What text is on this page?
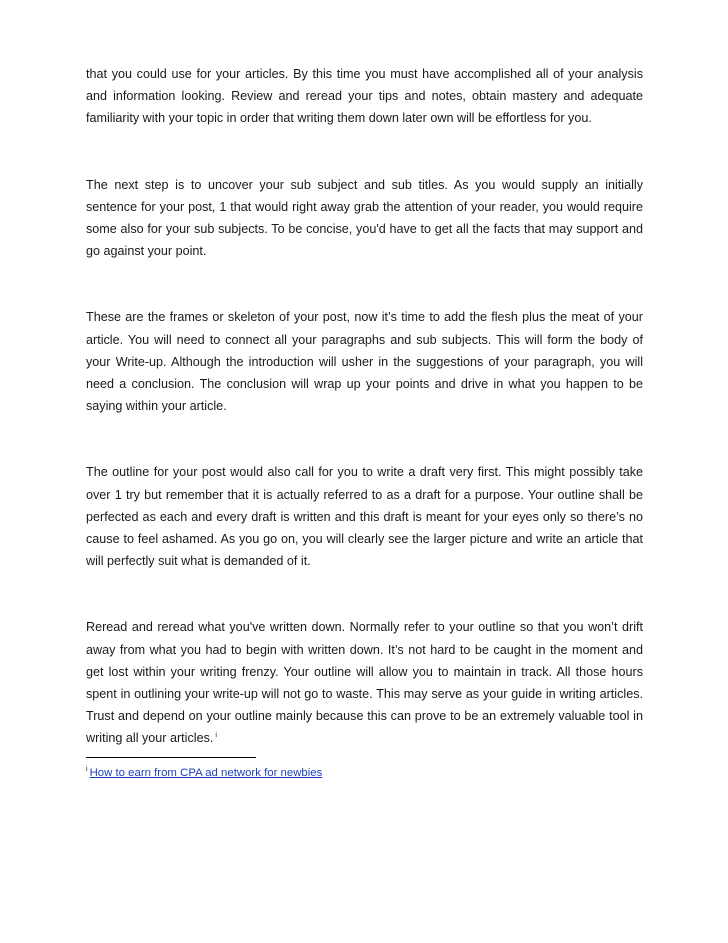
that you could use for your articles. By this time you must have accomplished all of your analysis and information looking. Review and reread your tips and notes, obtain mastery and adequate familiarity with your topic in order that writing them down later own will be effortless for you.

The next step is to uncover your sub subject and sub titles. As you would supply an initially sentence for your post, 1 that would right away grab the attention of your reader, you would require some also for your sub subjects. To be concise, you'd have to get all the facts that may support and go against your point.

These are the frames or skeleton of your post, now it’s time to add the flesh plus the meat of your article. You will need to connect all your paragraphs and sub subjects. This will form the body of your Write-up. Although the introduction will usher in the suggestions of your paragraph, you will need a conclusion. The conclusion will wrap up your points and drive in what you happen to be saying within your article.

The outline for your post would also call for you to write a draft very first. This might possibly take over 1 try but remember that it is actually referred to as a draft for a purpose. Your outline shall be perfected as each and every draft is written and this draft is meant for your eyes only so there’s no cause to feel ashamed. As you go on, you will clearly see the larger picture and write an article that will perfectly suit what is demanded of it.

Reread and reread what you've written down. Normally refer to your outline so that you won’t drift away from what you had to begin with written down. It’s not hard to be caught in the moment and get lost within your writing frenzy. Your outline will allow you to maintain in track. All those hours spent in outlining your write-up will not go to waste. This may serve as your guide in writing articles. Trust and depend on your outline mainly because this can prove to be an extremely valuable tool in writing all your articles. $^i$

$^i$ How to earn from CPA ad network for newbies
